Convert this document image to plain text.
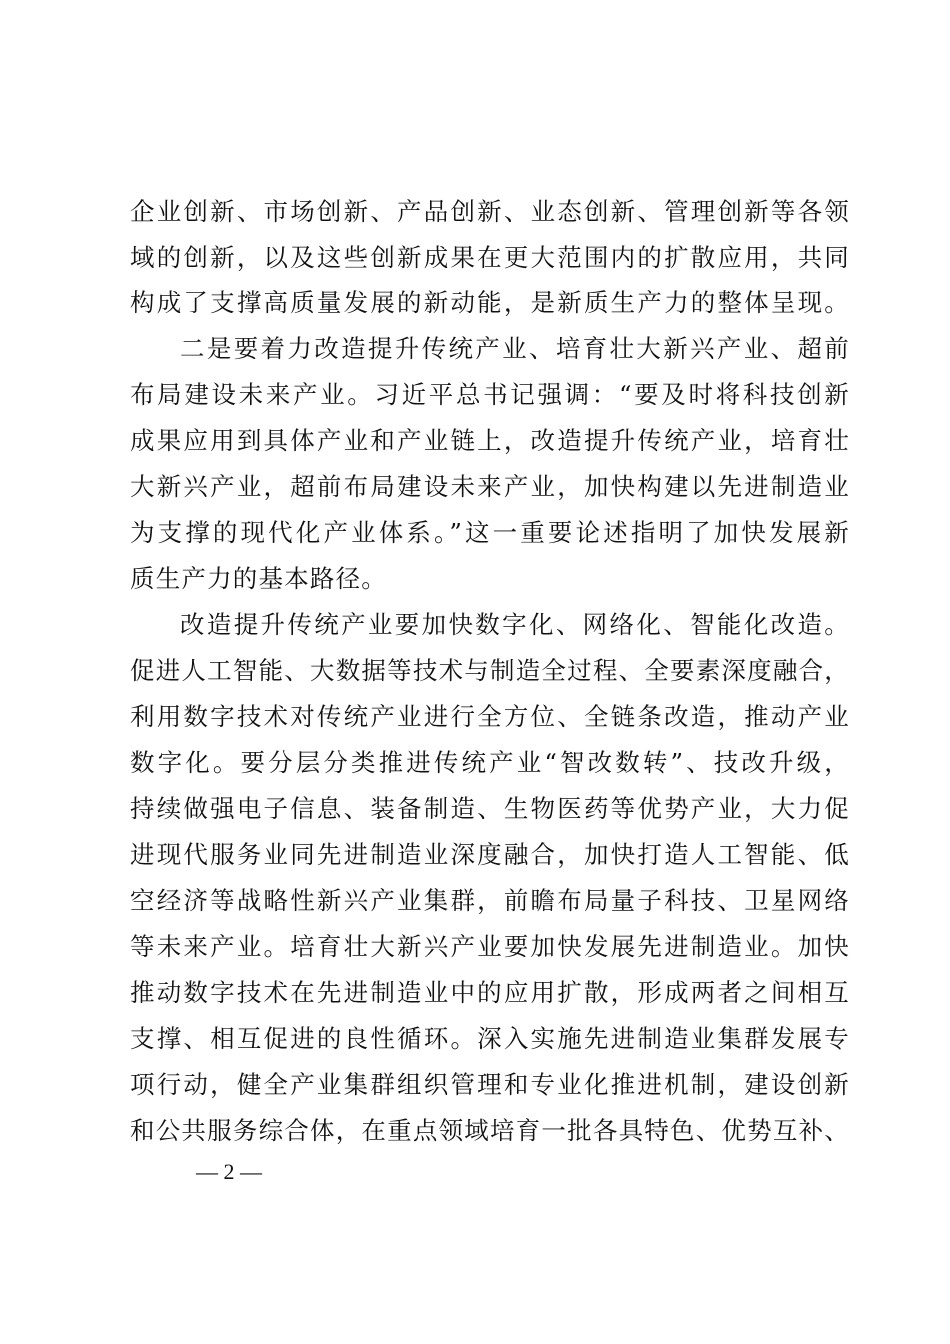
企业创新、市场创新、产品创新、业态创新、管理创新等各领
域的创新，以及这些创新成果在更大范围内的扩散应用，共同
构成了支撑高质量发展的新动能，是新质生产力的整体呈现。
二是要着力改造提升传统产业、培育壮大新兴产业、超前
布局建设未来产业。习近平总书记强调：“要及时将科技创新
成果应用到具体产业和产业链上，改造提升传统产业，培育壮
大新兴产业，超前布局建设未来产业，加快构建以先进制造业
为支撑的现代化产业体系。”这一重要论述指明了加快发展新
质生产力的基本路径。
改造提升传统产业要加快数字化、网络化、智能化改造。
促进人工智能、大数据等技术与制造全过程、全要素深度融合，
利用数字技术对传统产业进行全方位、全链条改造，推动产业
数字化。要分层分类推进传统产业“智改数转”、技改升级，
持续做强电子信息、装备制造、生物医药等优势产业，大力促
进现代服务业同先进制造业深度融合，加快打造人工智能、低
空经济等战略性新兴产业集群，前瞻布局量子科技、卫星网络
等未来产业。培育壮大新兴产业要加快发展先进制造业。加快
推动数字技术在先进制造业中的应用扩散，形成两者之间相互
支撑、相互促进的良性循环。深入实施先进制造业集群发展专
项行动，健全产业集群组织管理和专业化推进机制，建设创新
和公共服务综合体，在重点领域培育一批各具特色、优势互补、
— 2 —
